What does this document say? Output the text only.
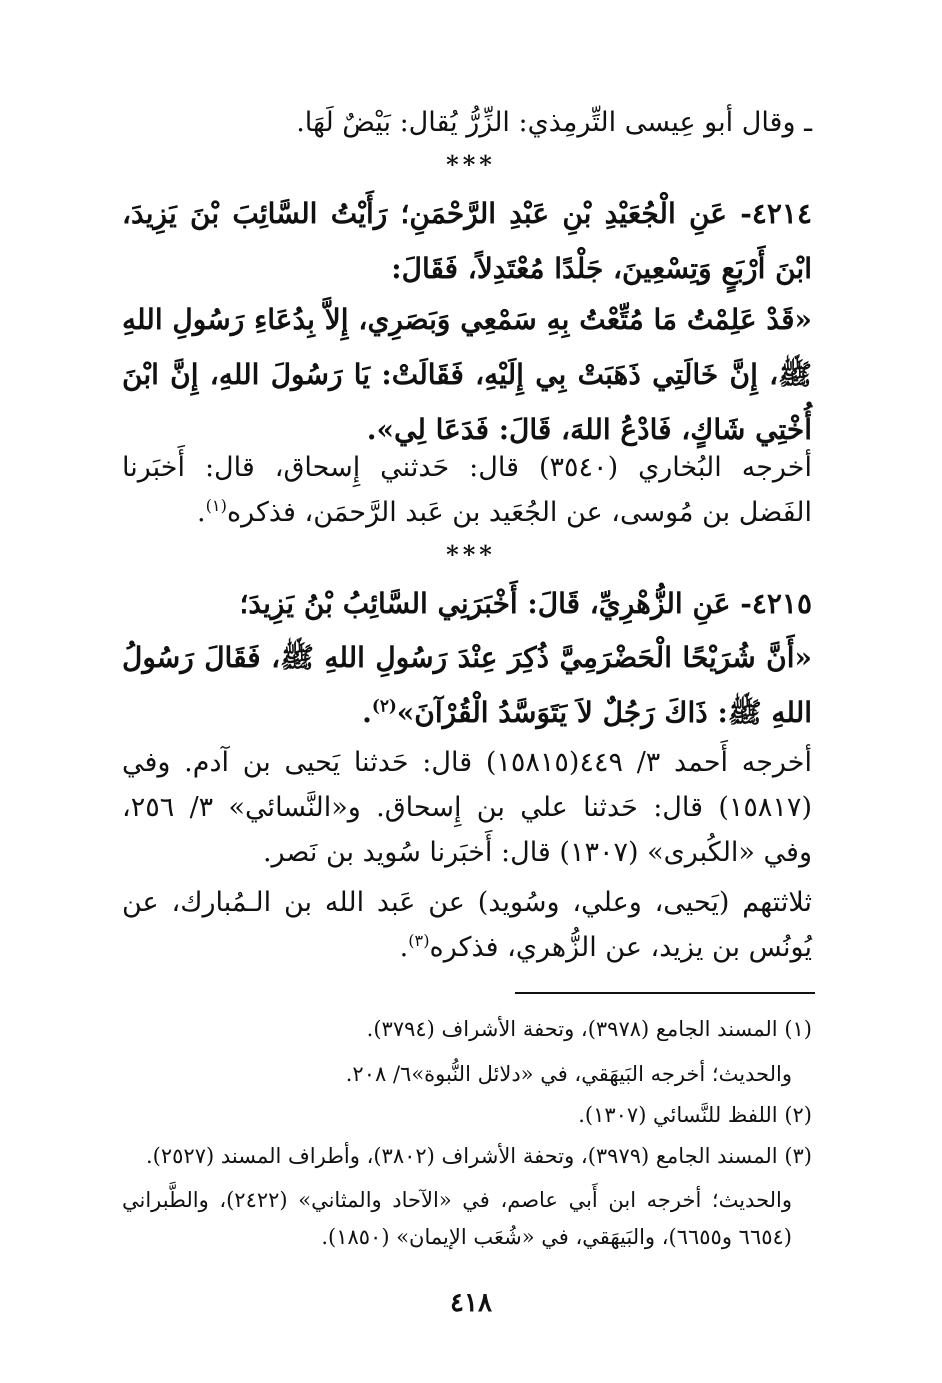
ـ وقال أبو عِيسى التِّرمِذي: الزِّرُّ يُقال: بَيْضٌ لَهَا.
***
٤٢١٤- عَنِ الْجُعَيْدِ بْنِ عَبْدِ الرَّحْمَنِ؛ رَأَيْتُ السَّائِبَ بْنَ يَزِيدَ، ابْنَ أَرْبَعٍ وَتِسْعِينَ، جَلْدًا مُعْتَدِلاً، فَقَالَ:
«قَدْ عَلِمْتُ مَا مُتِّعْتُ بِهِ سَمْعِي وَبَصَرِي، إِلاَّ بِدُعَاءِ رَسُولِ اللهِ ﷺ، إِنَّ خَالَتِي ذَهَبَتْ بِي إِلَيْهِ، فَقَالَتْ: يَا رَسُولَ اللهِ، إِنَّ ابْنَ أُخْتِي شَاكٍ، فَادْعُ اللهَ، قَالَ: فَدَعَا لِي».
أخرجه البُخاري (٣٥٤٠) قال: حَدثني إِسحاق، قال: أَخبَرنا الفَضل بن مُوسى، عن الجُعَيد بن عَبد الرَّحمَن، فذكره$^{(١)}$.
***
٤٢١٥- عَنِ الزُّهْرِيِّ، قَالَ: أَخْبَرَنِي السَّائِبُ بْنُ يَزِيدَ؛
«أَنَّ شُرَيْحًا الْحَضْرَمِيَّ ذُكِرَ عِنْدَ رَسُولِ اللهِ ﷺ، فَقَالَ رَسُولُ اللهِ ﷺ: ذَاكَ رَجُلٌ لاَ يَتَوَسَّدُ الْقُرْآنَ»$^{(٢)}$.
أخرجه أَحمد ٣/ ٤٤٩(١٥٨١٥) قال: حَدثنا يَحيى بن آدم. وفي (١٥٨١٧) قال: حَدثنا علي بن إِسحاق. و«النَّسائي» ٣/ ٢٥٦، وفي «الكُبرى» (١٣٠٧) قال: أَخبَرنا سُويد بن نَصر.
ثلاثتهم (يَحيى، وعلي، وسُويد) عن عَبد الله بن الـمُبارك، عن يُونُس بن يزيد، عن الزُّهري، فذكره$^{(٣)}$.
(١) المسند الجامع (٣٩٧٨)، وتحفة الأشراف (٣٧٩٤).
والحديث؛ أخرجه البَيهَقي، في «دلائل النُّبوة»٦/ ٢٠٨.
(٢) اللفظ للنَّسائي (١٣٠٧).
(٣) المسند الجامع (٣٩٧٩)، وتحفة الأشراف (٣٨٠٢)، وأطراف المسند (٢٥٢٧).
والحديث؛ أخرجه ابن أَبي عاصم، في «الآحاد والمثاني» (٢٤٢٢)، والطَّبراني (٦٦٥٤ و٦٦٥٥)، والبَيهَقي، في «شُعَب الإيمان» (١٨٥٠).
٤١٨
